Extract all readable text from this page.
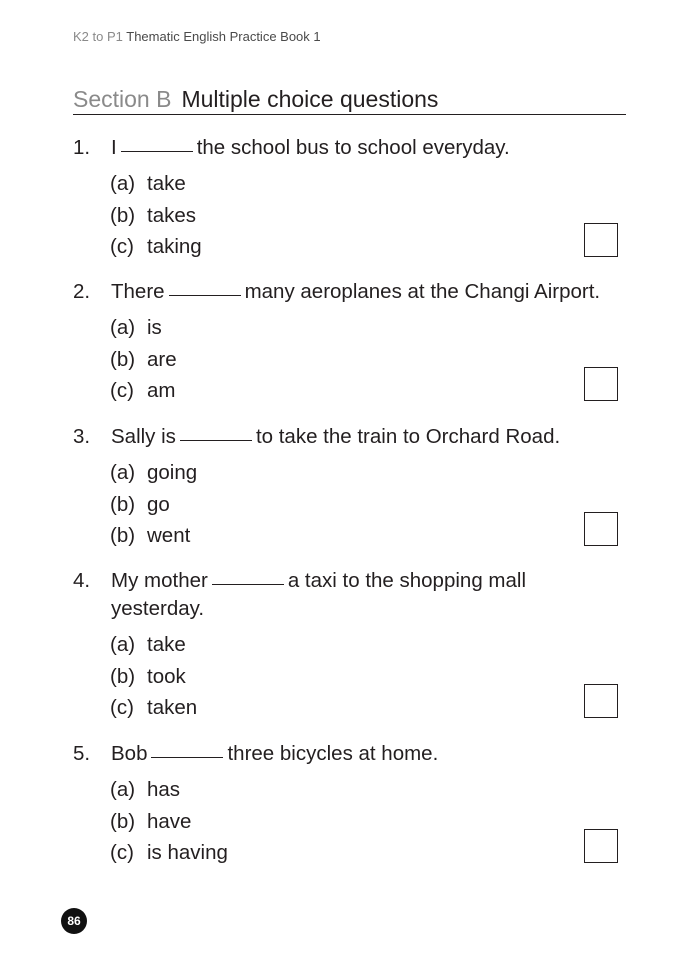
K2 to P1 Thematic English Practice Book 1
Section B Multiple choice questions
1.	I	the school bus to school everyday.
(a) take
(b) takes
(c) taking
2.	There	many aeroplanes at the Changi Airport.
(a) is
(b) are
(c) am
3.	Sally is	to take the train to Orchard Road.
(a) going
(b) go
(b) went
4.	My mother	a taxi to the shopping mall yesterday.
(a) take
(b) took
(c) taken
5.	Bob	three bicycles at home.
(a) has
(b) have
(c) is having
86
